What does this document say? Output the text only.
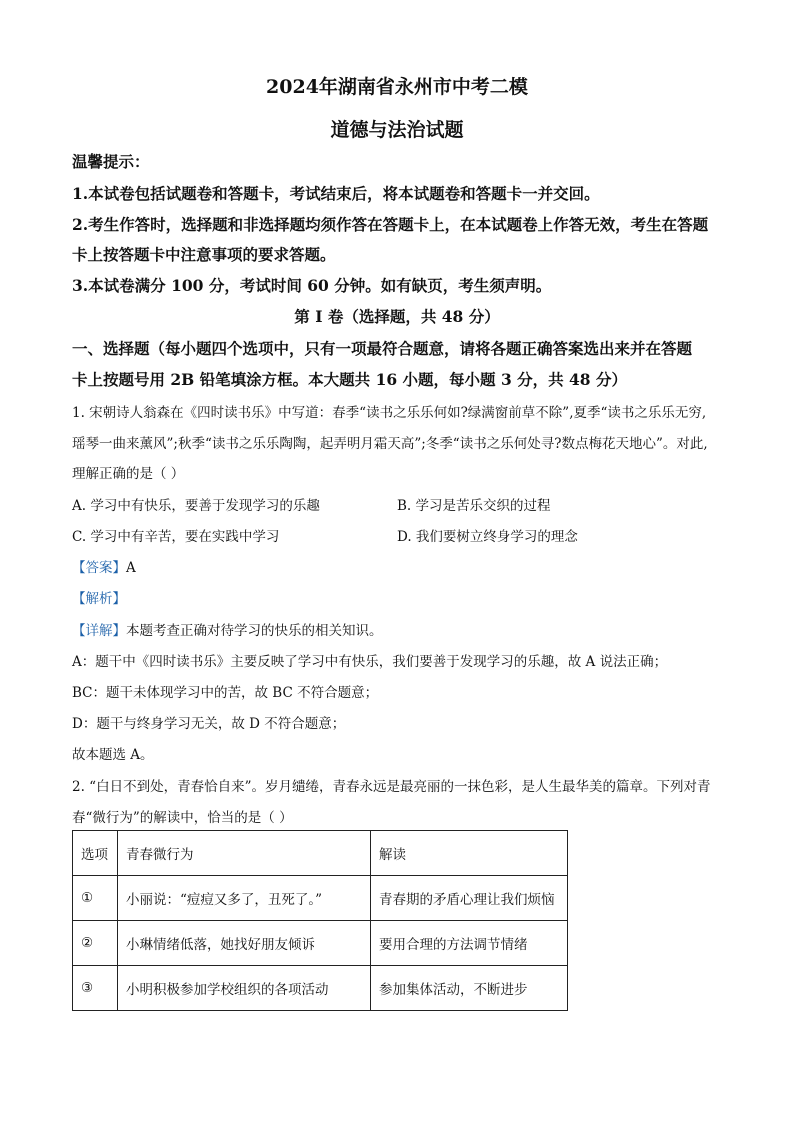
2024年湖南省永州市中考二模
道德与法治试题
温馨提示：
1.本试卷包括试题卷和答题卡，考试结束后，将本试题卷和答题卡一并交回。
2.考生作答时，选择题和非选择题均须作答在答题卡上，在本试题卷上作答无效，考生在答题
卡上按答题卡中注意事项的要求答题。
3.本试卷满分 100 分，考试时间 60 分钟。如有缺页，考生须声明。
第 I 卷（选择题，共 48 分）
一、选择题（每小题四个选项中，只有一项最符合题意，请将各题正确答案选出来并在答题
卡上按题号用 2B 铅笔填涂方框。本大题共 16 小题，每小题 3 分，共 48 分）
1. 宋朝诗人翁森在《四时读书乐》中写道：春季“读书之乐乐何如?绿满窗前草不除”,夏季“读书之乐乐无穷,
瑶琴一曲来薰风”;秋季“读书之乐乐陶陶，起弄明月霜天高”;冬季“读书之乐何处寻?数点梅花天地心”。对此,
理解正确的是（ ）
A. 学习中有快乐，要善于发现学习的乐趣	B. 学习是苦乐交织的过程
C. 学习中有辛苦，要在实践中学习	D. 我们要树立终身学习的理念
【答案】A
【解析】
【详解】本题考查正确对待学习的快乐的相关知识。
A：题干中《四时读书乐》主要反映了学习中有快乐，我们要善于发现学习的乐趣，故 A 说法正确；
BC：题干未体现学习中的苦，故 BC 不符合题意；
D：题干与终身学习无关，故 D 不符合题意；
故本题选 A。
2. “白日不到处，青春恰自来”。岁月缱绻，青春永远是最亮丽的一抹色彩，是人生最华美的篇章。下列对青
春“微行为”的解读中，恰当的是（ ）
选项	青春微行为	解读
①	小丽说：“痘痘又多了，丑死了。”	青春期的矛盾心理让我们烦恼
②	小琳情绪低落，她找好朋友倾诉	要用合理的方法调节情绪
③	小明积极参加学校组织的各项活动	参加集体活动，不断进步
